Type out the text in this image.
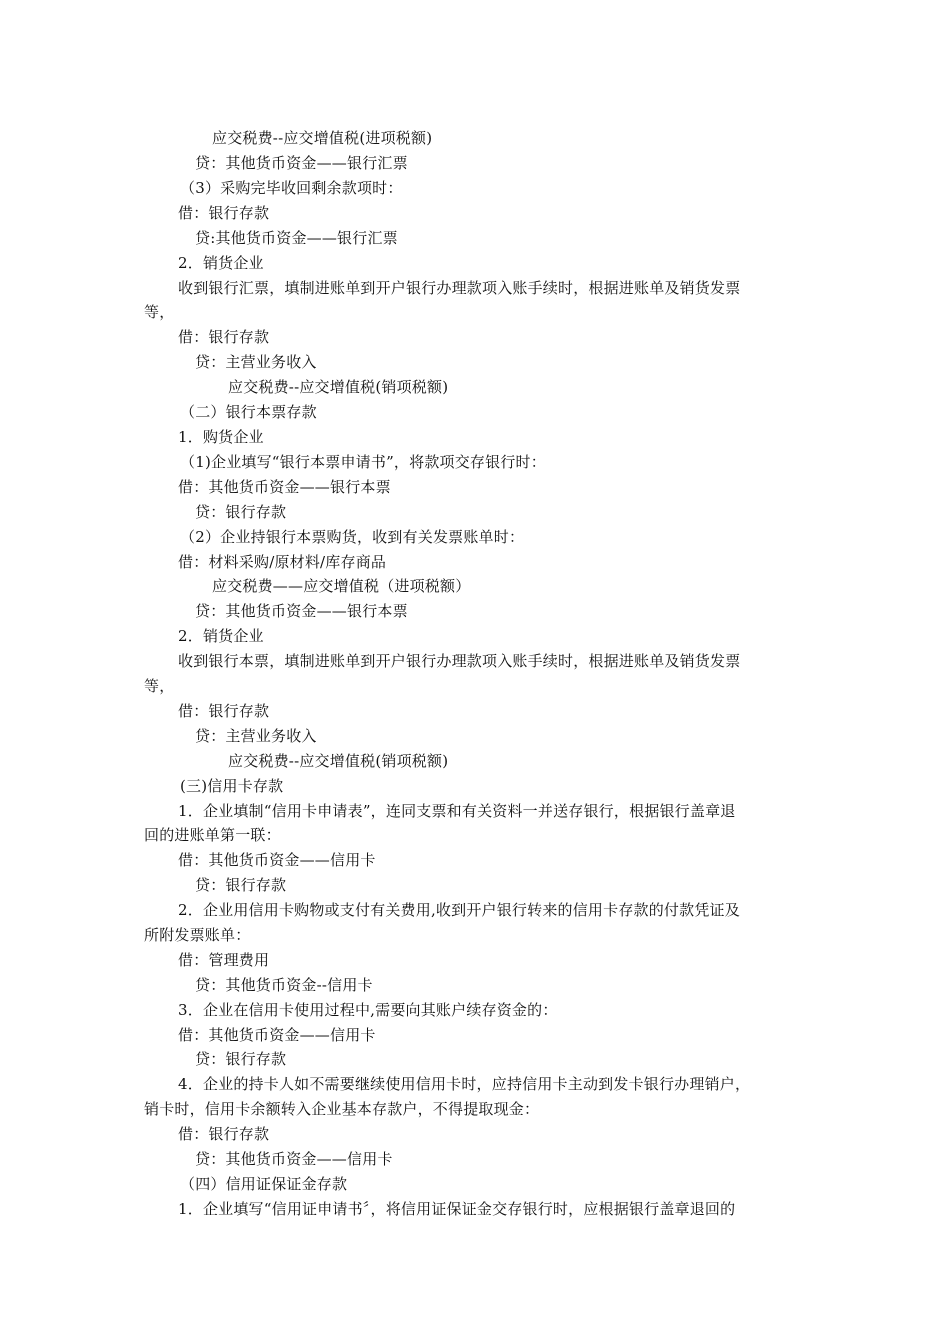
应交税费--应交增值税(进项税额)
贷：其他货币资金——银行汇票
（3）采购完毕收回剩余款项时：
借：银行存款
贷:其他货币资金——银行汇票
2．销货企业
收到银行汇票，填制进账单到开户银行办理款项入账手续时，根据进账单及销货发票
等，
借：银行存款
贷：主营业务收入
应交税费--应交增值税(销项税额)
（二）银行本票存款
1．购货企业
（1)企业填写“银行本票申请书”，将款项交存银行时：
借：其他货币资金——银行本票
贷：银行存款
（2）企业持银行本票购货，收到有关发票账单时：
借：材料采购/原材料/库存商品
应交税费——应交增值税（进项税额）
贷：其他货币资金——银行本票
2．销货企业
收到银行本票，填制进账单到开户银行办理款项入账手续时，根据进账单及销货发票
等，
借：银行存款
贷：主营业务收入
应交税费--应交增值税(销项税额)
(三)信用卡存款
1．企业填制“信用卡申请表”，连同支票和有关资料一并送存银行，根据银行盖章退
回的进账单第一联：
借：其他货币资金——信用卡
贷：银行存款
2．企业用信用卡购物或支付有关费用,收到开户银行转来的信用卡存款的付款凭证及
所附发票账单：
借：管理费用
贷：其他货币资金--信用卡
3．企业在信用卡使用过程中,需要向其账户续存资金的：
借：其他货币资金——信用卡
贷：银行存款
4．企业的持卡人如不需要继续使用信用卡时，应持信用卡主动到发卡银行办理销户，
销卡时，信用卡余额转入企业基本存款户，不得提取现金：
借：银行存款
贷：其他货币资金——信用卡
（四）信用证保证金存款
1．企业填写“信用证申请书〞，将信用证保证金交存银行时，应根据银行盖章退回的
